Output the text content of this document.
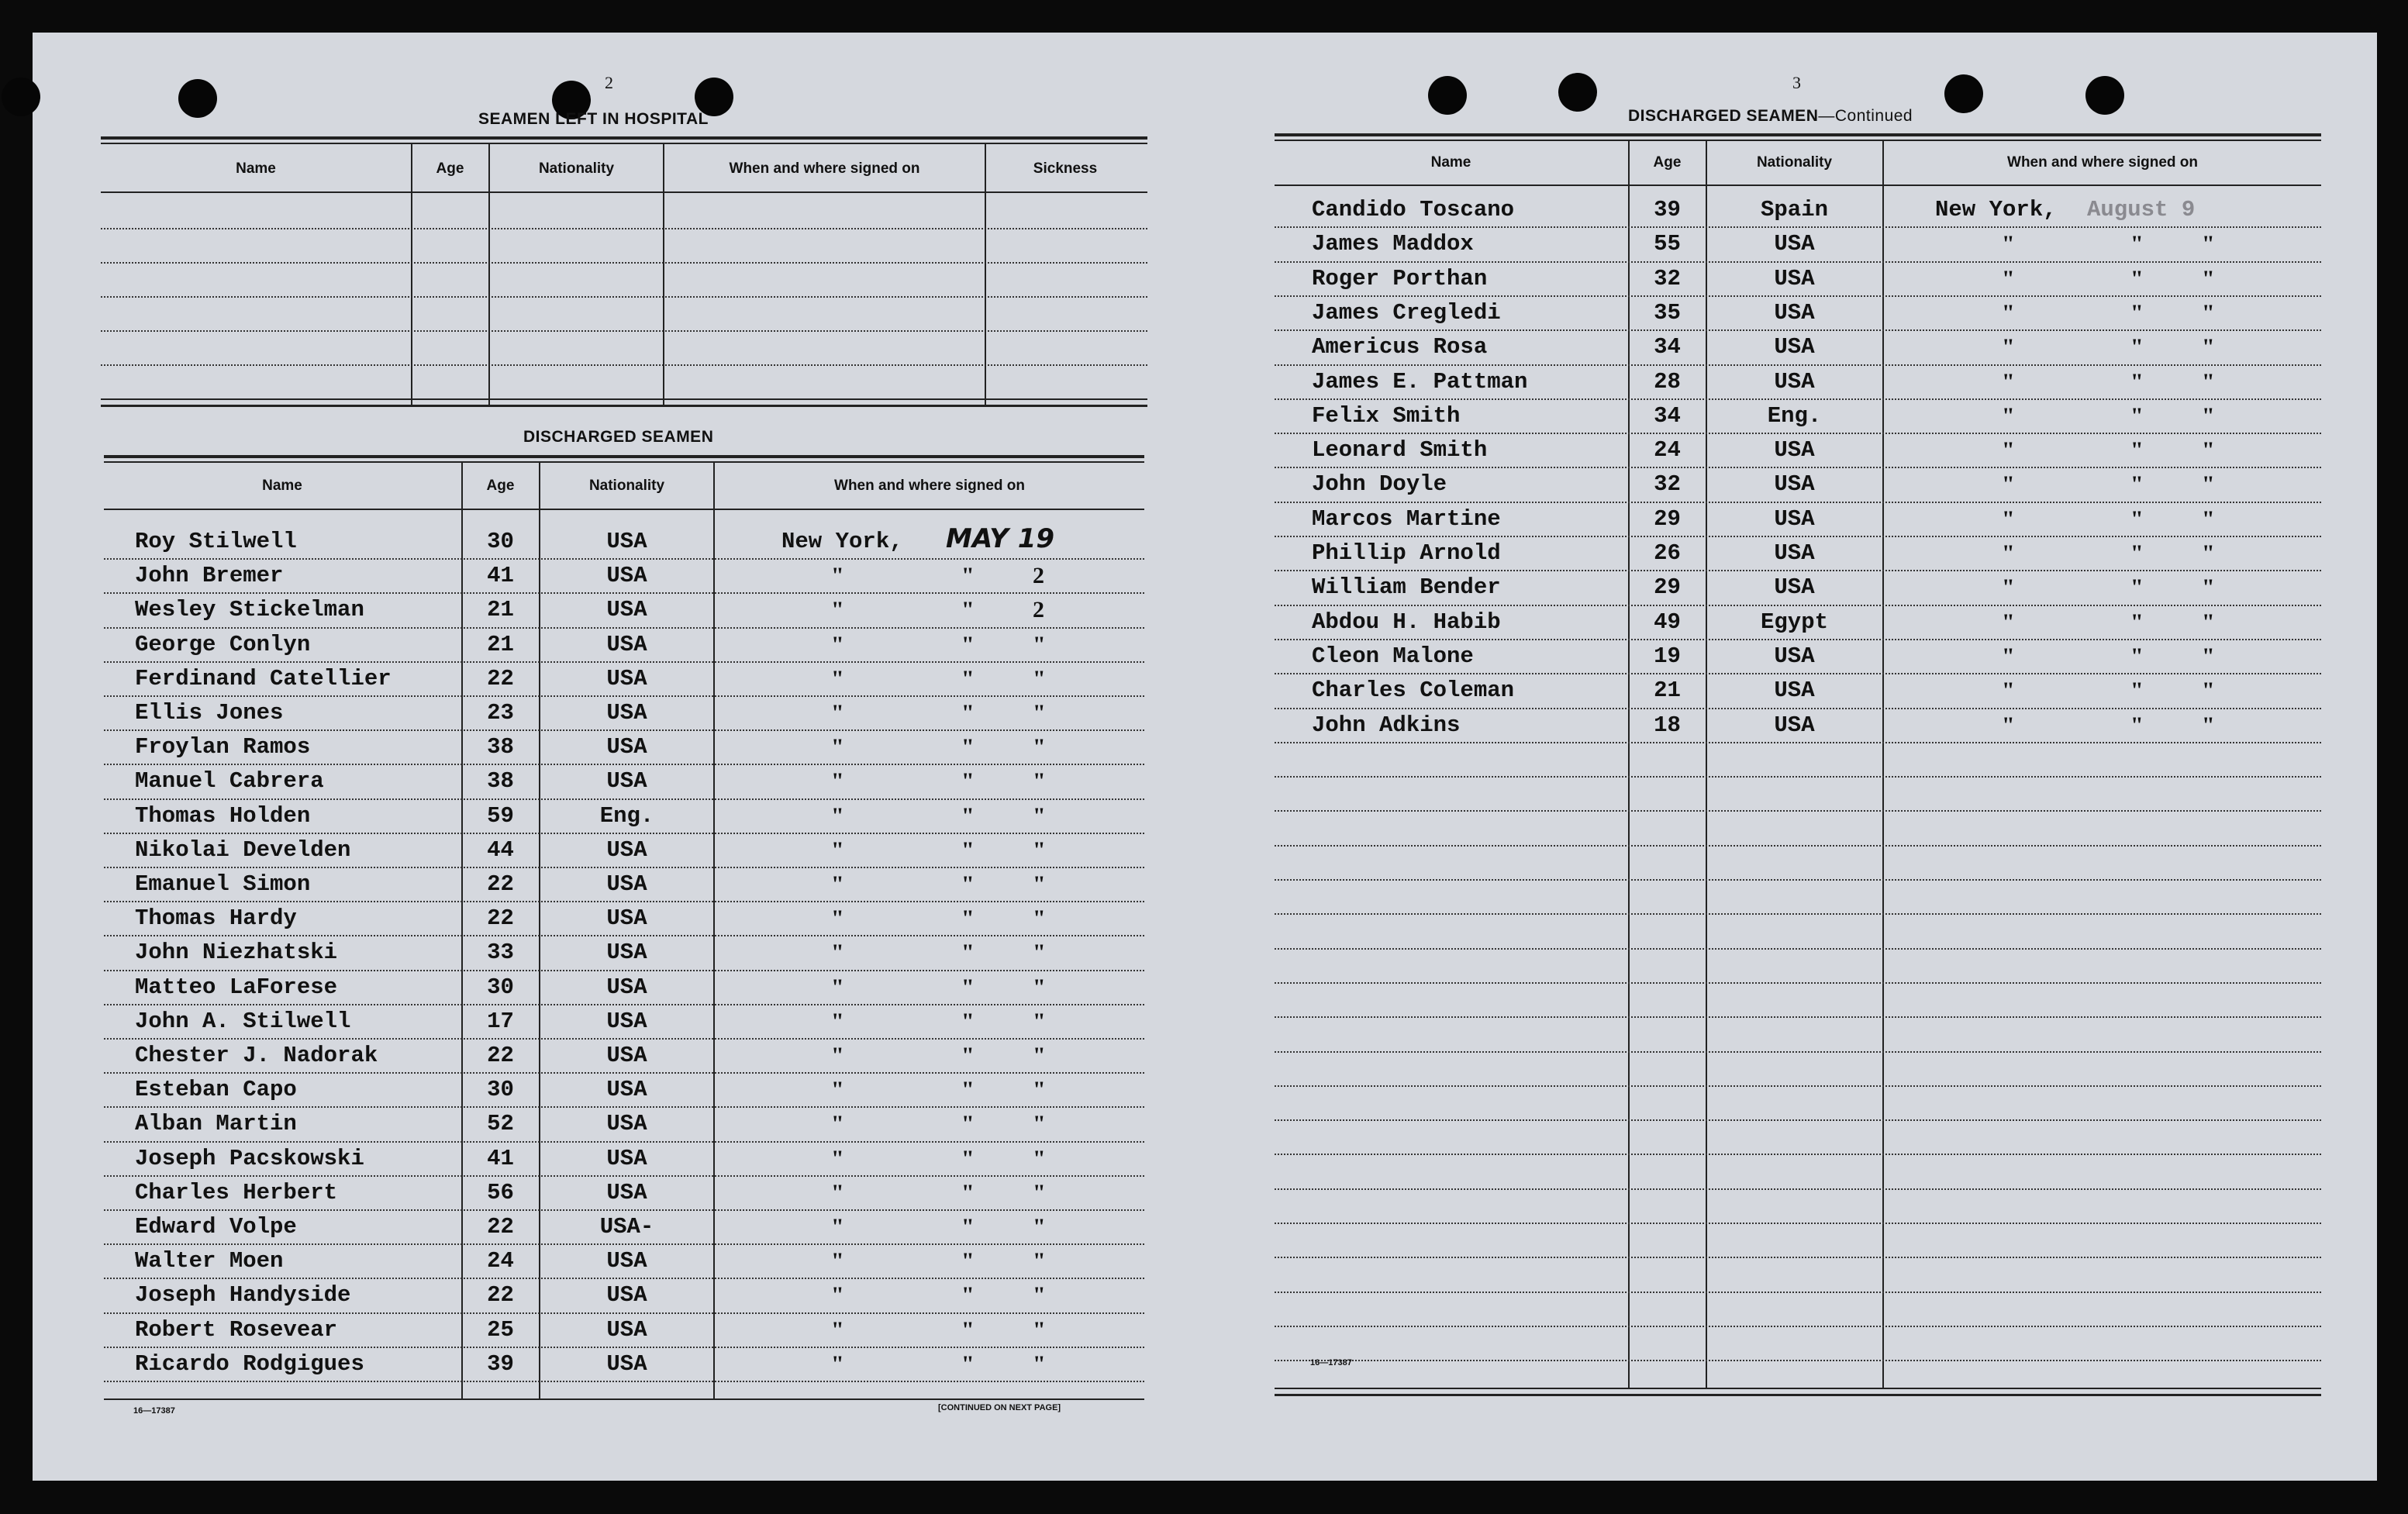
2
SEAMEN LEFT IN HOSPITAL
Name	Age	Nationality	When and where signed on	Sickness
DISCHARGED SEAMEN
Name	Age	Nationality	When and where signed on
Roy Stilwell	30	USA	New York, MAY 19
John Bremer	41	USA	"	"	2
Wesley Stickelman	21	USA	"	"	2
George Conlyn	21	USA	"	"	"
Ferdinand Catellier	22	USA	"	"	"
Ellis Jones	23	USA	"	"	"
Froylan Ramos	38	USA	"	"	"
Manuel Cabrera	38	USA	"	"	"
Thomas Holden	59	Eng.	"	"	"
Nikolai Develden	44	USA	"	"	"
Emanuel Simon	22	USA	"	"	"
Thomas Hardy	22	USA	"	"	"
John Niezhatski	33	USA	"	"	"
Matteo LaForese	30	USA	"	"	"
John A. Stilwell	17	USA	"	"	"
Chester J. Nadorak	22	USA	"	"	"
Esteban Capo	30	USA	"	"	"
Alban Martin	52	USA	"	"	"
Joseph Pacskowski	41	USA	"	"	"
Charles Herbert	56	USA	"	"	"
Edward Volpe	22	USA-	"	"	"
Walter Moen	24	USA	"	"	"
Joseph Handyside	22	USA	"	"	"
Robert Rosevear	25	USA	"	"	"
Ricardo Rodgigues	39	USA	"	"	"
16—17387	[CONTINUED ON NEXT PAGE]
3
DISCHARGED SEAMEN—Continued
Name	Age	Nationality	When and where signed on
Candido Toscano	39	Spain	New York, August 9
James Maddox	55	USA	"	"	"
Roger Porthan	32	USA	"	"	"
James Cregledi	35	USA	"	"	"
Americus Rosa	34	USA	"	"	"
James E. Pattman	28	USA	"	"	"
Felix Smith	34	Eng.	"	"	"
Leonard Smith	24	USA	"	"	"
John Doyle	32	USA	"	"	"
Marcos Martine	29	USA	"	"	"
Phillip Arnold	26	USA	"	"	"
William Bender	29	USA	"	"	"
Abdou H. Habib	49	Egypt	"	"	"
Cleon Malone	19	USA	"	"	"
Charles Coleman	21	USA	"	"	"
John Adkins	18	USA	"	"	"
16—17387
